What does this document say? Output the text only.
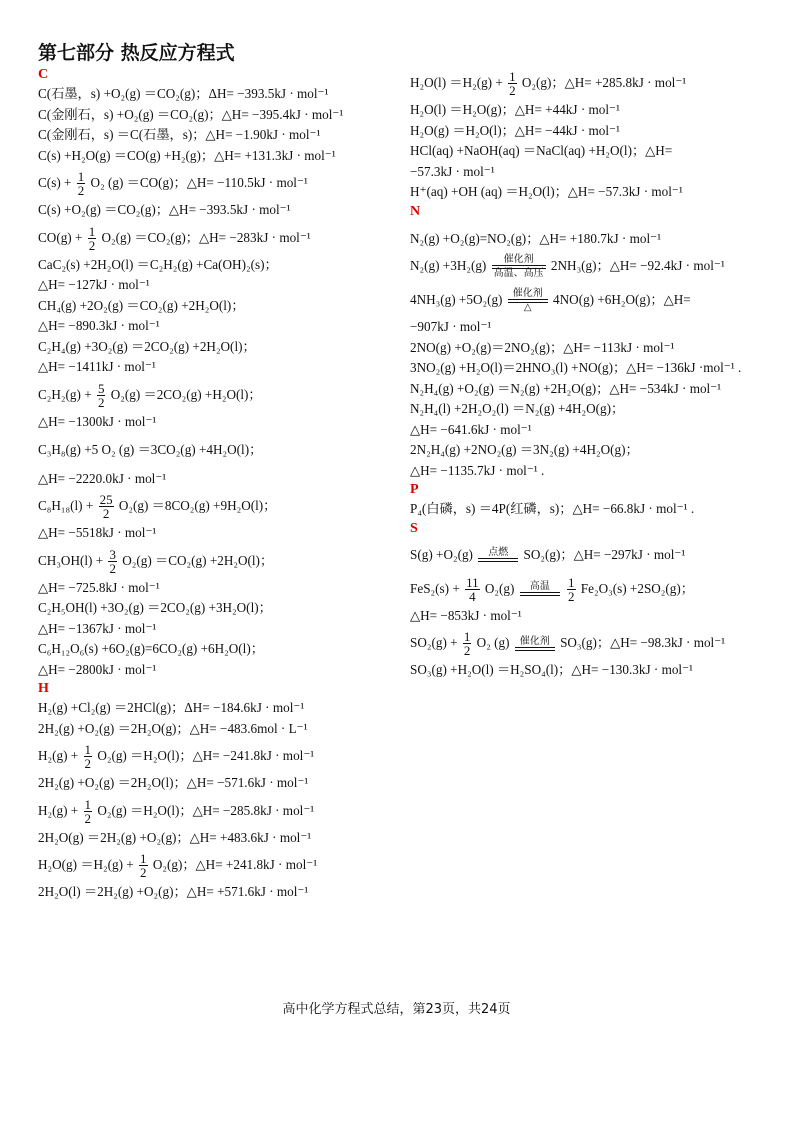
第七部分 热反应方程式
C
C(石墨，s) +O₂(g) ＝CO₂(g)；ΔH= −393.5kJ · mol⁻¹
C(金刚石，s) +O₂(g) ＝CO₂(g)；△H= −395.4kJ · mol⁻¹
C(金刚石，s) ＝C(石墨，s)；△H= −1.90kJ · mol⁻¹
C(s) +H₂O(g) ＝CO(g) +H₂(g)；△H= +131.3kJ · mol⁻¹
$C(s) + \frac{1}{2} O_2$ (g) ＝CO(g)；△H= −110.5kJ · mol⁻¹
C(s) +O₂(g) ＝CO₂(g)；△H= −393.5kJ · mol⁻¹
$CO(g) + \frac{1}{2} O_2(g) =CO_2(g)$；△H= −283kJ · mol⁻¹
CaC₂(s) +2H₂O(l) ＝C₂H₂(g) +Ca(OH)₂(s)；
△H= −127kJ · mol⁻¹
CH₄(g) +2O₂(g) ＝CO₂(g) +2H₂O(l)；
△H= −890.3kJ · mol⁻¹
C₂H₄(g) +3O₂(g) ＝2CO₂(g) +2H₂O(l)；
△H= −1411kJ · mol⁻¹
$C_2H_2(g) + \frac{5}{2} O_2(g) =2CO_2(g) +H_2O(l)$；
△H= −1300kJ · mol⁻¹
C₃H₈(g) +5 O₂ (g) ＝3CO₂(g) +4H₂O(l)；
△H= −2220.0kJ · mol⁻¹
$C_8H_{18}(l) + \frac{25}{2} O_2(g) =8CO_2(g) +9H_2O(l)$；
△H= −5518kJ · mol⁻¹
$CH_3OH(l) + \frac{3}{2} O_2(g) =CO_2(g) +2H_2O(l)$；
△H= −725.8kJ · mol⁻¹
C₂H₅OH(l) +3O₂(g) ＝2CO₂(g) +3H₂O(l)；
△H= −1367kJ · mol⁻¹
C₆H₁₂O₆(s) +6O₂(g)=6CO₂(g) +6H₂O(l)；
△H= −2800kJ · mol⁻¹
H
H₂(g) +Cl₂(g) ＝2HCl(g)；ΔH= −184.6kJ · mol⁻¹
2H₂(g) +O₂(g) ＝2H₂O(g)；△H= −483.6mol · L⁻¹
$H_2(g) + \frac{1}{2} O_2(g) =H_2O(l)$；△H= −241.8kJ · mol⁻¹
2H₂(g) +O₂(g) ＝2H₂O(l)；△H= −571.6kJ · mol⁻¹
$H_2(g) + \frac{1}{2} O_2(g) =H_2O(l)$；△H= −285.8kJ · mol⁻¹
2H₂O(g) ＝2H₂(g) +O₂(g)；△H= +483.6kJ · mol⁻¹
$H_2O(g) =H_2(g) + \frac{1}{2} O_2(g)$；△H= +241.8kJ · mol⁻¹
2H₂O(l) ＝2H₂(g) +O₂(g)；△H= +571.6kJ · mol⁻¹
$H_2O(l) =H_2(g) + \frac{1}{2} O_2(g)$；△H= +285.8kJ · mol⁻¹
H₂O(l) ＝H₂O(g)；△H= +44kJ · mol⁻¹
H₂O(g) ＝H₂O(l)；△H= −44kJ · mol⁻¹
HCl(aq) +NaOH(aq) ＝NaCl(aq) +H₂O(l)；△H=
−57.3kJ · mol⁻¹
H⁺(aq) +OH (aq) ＝H₂O(l)；△H= −57.3kJ · mol⁻¹
N
N₂(g) +O₂(g)=NO₂(g)；△H= +180.7kJ · mol⁻¹
N₂(g) +3H₂(g)	催化剂
高温、高压
2NH₃(g)；△H= −92.4kJ · mol⁻¹
4NH₃(g) +5O₂(g)	催化剂
△
4NO(g) +6H₂O(g)；△H=
−907kJ · mol⁻¹
2NO(g) +O₂(g)＝2NO₂(g)；△H= −113kJ · mol⁻¹
3NO₂(g) +H₂O(l)＝2HNO₃(l) +NO(g)；△H= −136kJ ·mol⁻¹ .
N₂H₄(g) +O₂(g) ＝N₂(g) +2H₂O(g)；△H= −534kJ · mol⁻¹
N₂H₄(l) +2H₂O₂(l) ＝N₂(g) +4H₂O(g)；
△H= −641.6kJ · mol⁻¹
2N₂H₄(g) +2NO₂(g) ＝3N₂(g) +4H₂O(g)；
△H= −1135.7kJ · mol⁻¹ .
P
P₄(白磷，s) ＝4P(红磷，s)；△H= −66.8kJ · mol⁻¹ .
S
S(g) +O₂(g)	点燃	SO₂(g)；△H= −297kJ · mol⁻¹
$FeS_2(s) + \frac{11}{4} O_2(g)$	高温
	$\frac{1}{2} Fe_2O_3(s) +2SO_2(g)$；
△H= −853kJ · mol⁻¹
$SO_2(g) + \frac{1}{2} O_2$ (g)	催化剂 SO₃(g)；△H= −98.3kJ · mol⁻¹
SO₃(g) +H₂O(l) ＝H₂SO₄(l)；△H= −130.3kJ · mol⁻¹
高中化学方程式总结，第23页，共24页
